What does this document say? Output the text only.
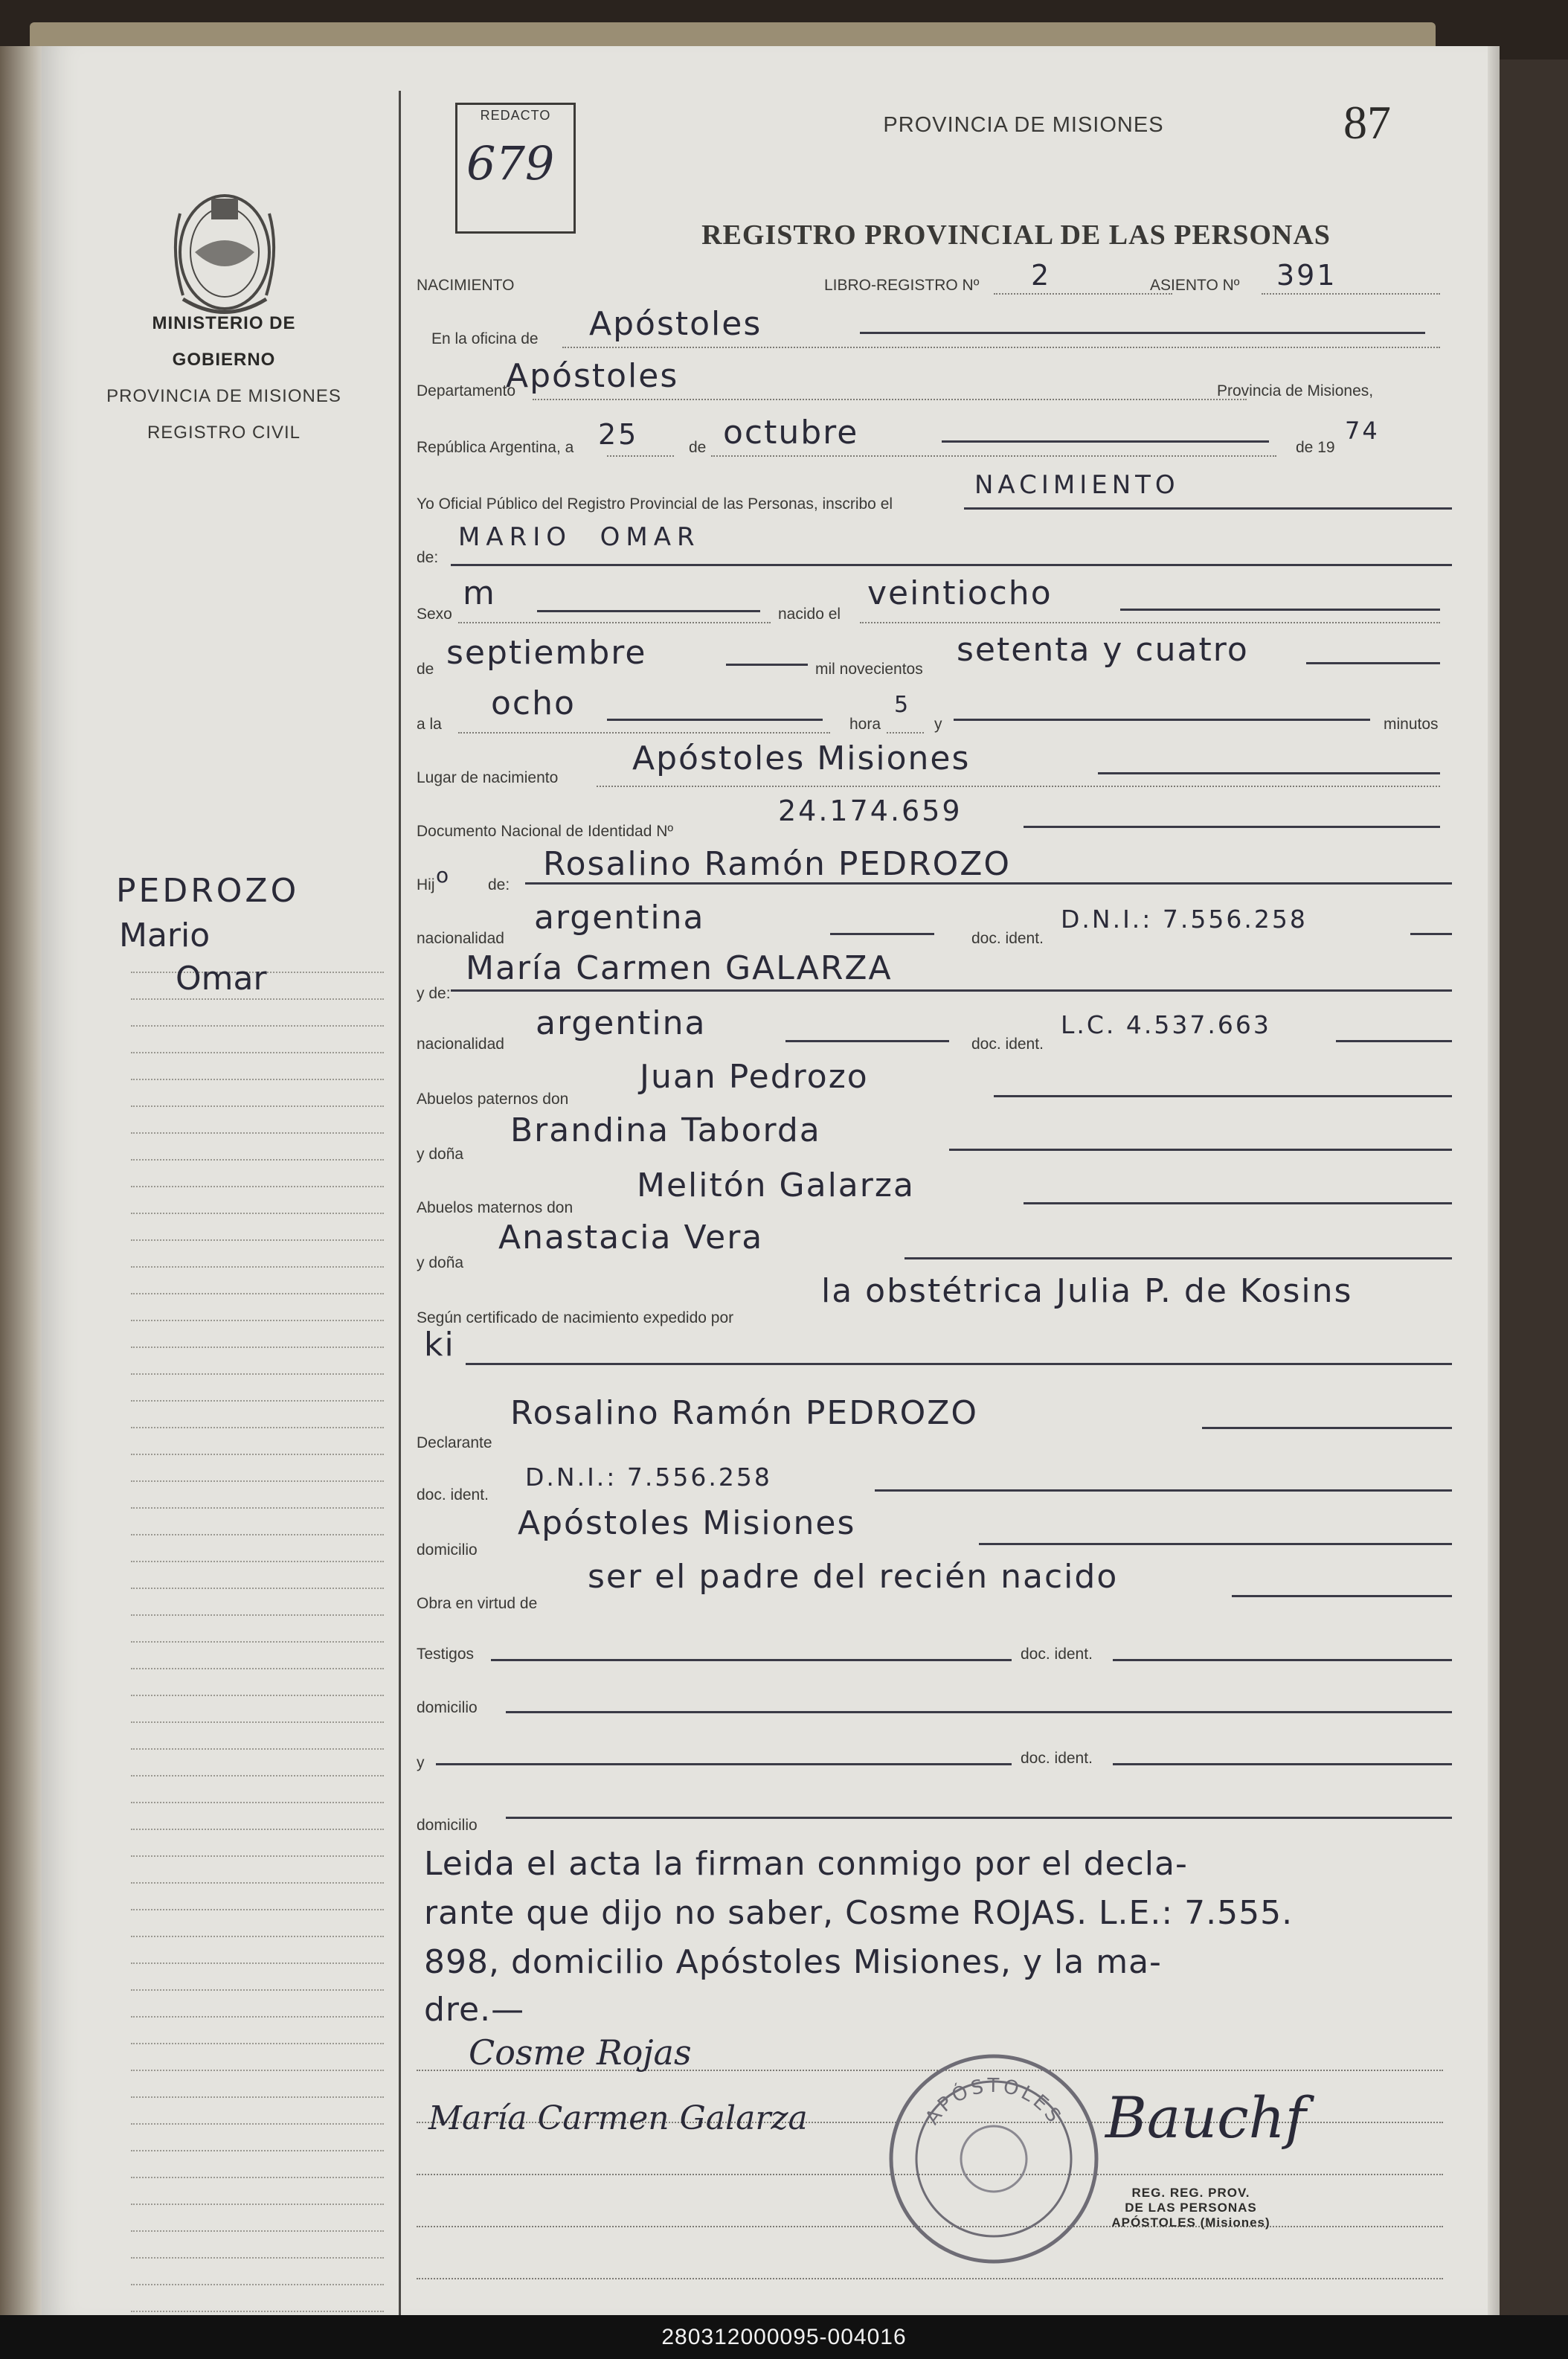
REDACTO
679
PROVINCIA DE MISIONES
REGISTRO PROVINCIAL DE LAS PERSONAS
87
MINISTERIO DE GOBIERNO
PROVINCIA DE MISIONES
REGISTRO CIVIL
PEDROZO
Mario
Omar
NACIMIENTO	LIBRO-REGISTRO Nº 2	ASIENTO Nº 391
En la oficina de Apóstoles
Departamento
Apóstoles	Provincia de Misiones,
República Argentina, a 25	de octubre	de 19
74
Yo Oficial Público del Registro Provincial de las Personas, inscribo el
NACIMIENTO
de:
MARIO  OMAR
Sexo
m
nacido el
veintiocho
de septiembre	mil novecientos
setenta y cuatro
a la
ocho
hora
5
y	minutos
Lugar de nacimiento
Apóstoles Misiones
Documento Nacional de Identidad Nº
24.174.659
Hij o de:
Rosalino Ramón PEDROZO
nacionalidad
argentina
doc. ident.
D.N.I.: 7.556.258
y de:
María Carmen GALARZA
nacionalidad
argentina
doc. ident.
L.C. 4.537.663
Abuelos paternos don
Juan Pedrozo
y doña
Brandina Taborda
Abuelos maternos don
Melitón Galarza
y doña
Anastacia Vera
Según certificado de nacimiento expedido por
la obstétrica Julia P. de Kosins
ki
Declarante
Rosalino Ramón PEDROZO
doc. ident.
D.N.I.: 7.556.258
domicilio
Apóstoles Misiones
Obra en virtud de
ser el padre del recién nacido
Testigos	doc. ident.
domicilio
y	doc. ident.
domicilio
Leida el acta la firman conmigo por el decla-
rante que dijo no saber, Cosme ROJAS. L.E.: 7.555.
898, domicilio Apóstoles Misiones, y la ma-
dre.—
Cosme Rojas
María Carmen Galarza	Bauchf
APÓSTOLES
REG. REG. PROV.
DE LAS PERSONAS
APÓSTOLES (Misiones)
280312000095-004016
